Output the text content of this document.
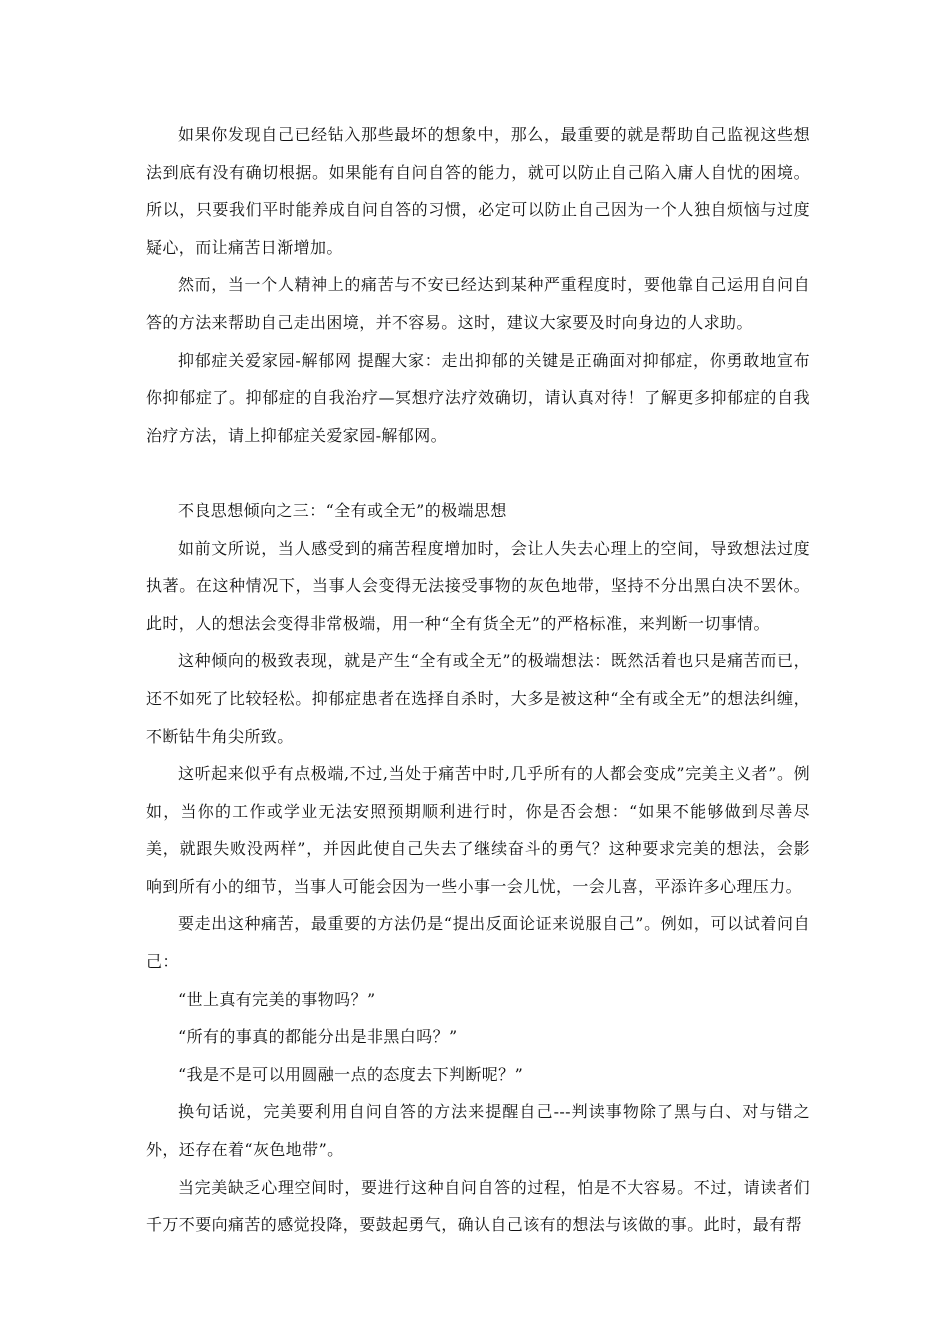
如果你发现自己已经钻入那些最坏的想象中，那么，最重要的就是帮助自己监视这些想法到底有没有确切根据。如果能有自问自答的能力，就可以防止自己陷入庸人自忧的困境。所以，只要我们平时能养成自问自答的习惯，必定可以防止自己因为一个人独自烦恼与过度疑心，而让痛苦日渐增加。

然而，当一个人精神上的痛苦与不安已经达到某种严重程度时，要他靠自己运用自问自答的方法来帮助自己走出困境，并不容易。这时，建议大家要及时向身边的人求助。

抑郁症关爱家园-解郁网 提醒大家：走出抑郁的关键是正确面对抑郁症，你勇敢地宣布你抑郁症了。抑郁症的自我治疗—冥想疗法疗效确切，请认真对待！了解更多抑郁症的自我治疗方法，请上抑郁症关爱家园-解郁网。

不良思想倾向之三：“全有或全无”的极端思想

如前文所说，当人感受到的痛苦程度增加时，会让人失去心理上的空间，导致想法过度执著。在这种情况下，当事人会变得无法接受事物的灰色地带，坚持不分出黑白决不罢休。此时，人的想法会变得非常极端，用一种“全有货全无”的严格标准，来判断一切事情。

这种倾向的极致表现，就是产生“全有或全无”的极端想法：既然活着也只是痛苦而已，还不如死了比较轻松。抑郁症患者在选择自杀时，大多是被这种“全有或全无”的想法纠缠，不断钻牛角尖所致。

这听起来似乎有点极端,不过,当处于痛苦中时,几乎所有的人都会变成”完美主义者”。例如，当你的工作或学业无法安照预期顺利进行时，你是否会想：“如果不能够做到尽善尽美，就跟失败没两样”，并因此使自己失去了继续奋斗的勇气？这种要求完美的想法，会影响到所有小的细节，当事人可能会因为一些小事一会儿忧，一会儿喜，平添许多心理压力。

要走出这种痛苦，最重要的方法仍是“提出反面论证来说服自己”。例如，可以试着问自己：

“世上真有完美的事物吗？”

“所有的事真的都能分出是非黑白吗？”

“我是不是可以用圆融一点的态度去下判断呢？”

换句话说，完美要利用自问自答的方法来提醒自己---判读事物除了黑与白、对与错之外，还存在着“灰色地带”。

当完美缺乏心理空间时，要进行这种自问自答的过程，怕是不大容易。不过，请读者们千万不要向痛苦的感觉投降，要鼓起勇气，确认自己该有的想法与该做的事。此时，最有帮
